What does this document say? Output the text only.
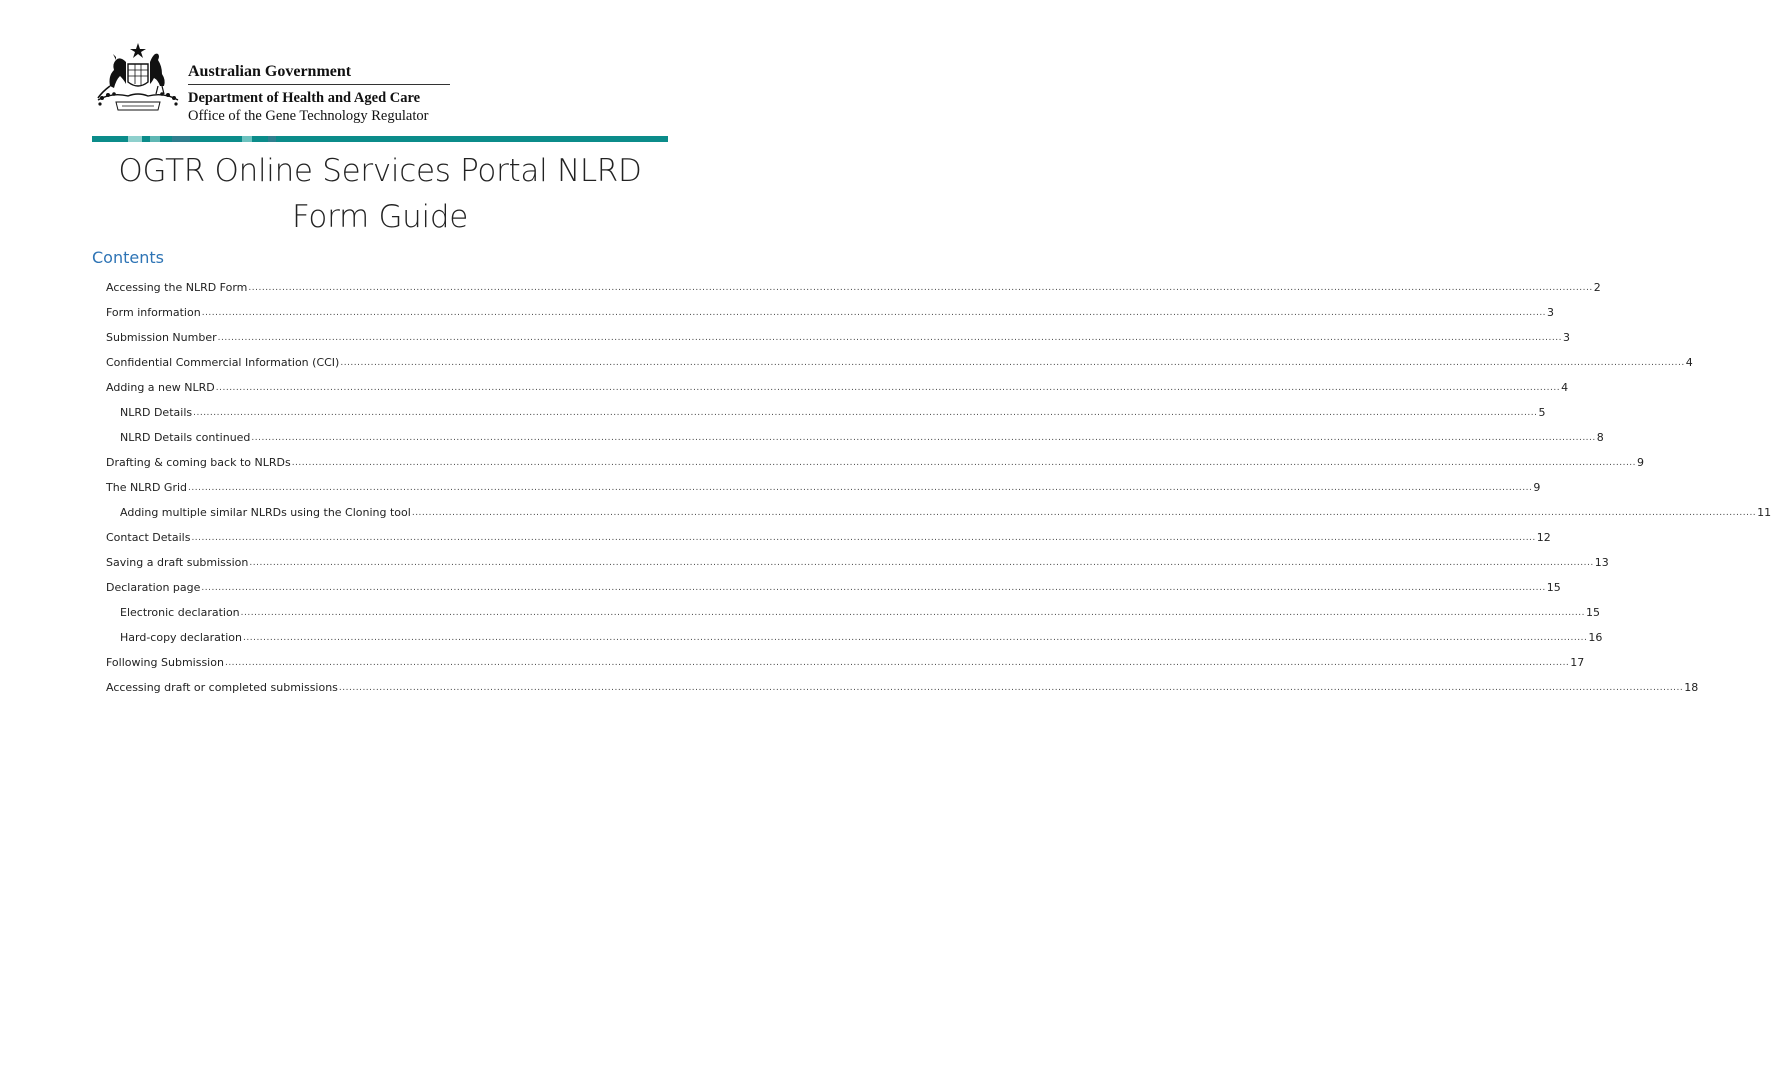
Australian Government
Department of Health and Aged Care
Office of the Gene Technology Regulator
OGTR Online Services Portal NLRD Form Guide
Contents
Accessing the NLRD Form ................................................................................................................................................................................................................................................................................................................................................................................................................ 2
Form information ................................................................................................................................................................................................................................................................................................................................................................................................................ 3
Submission Number ................................................................................................................................................................................................................................................................................................................................................................................................................ 3
Confidential Commercial Information (CCI) ................................................................................................................................................................................................................................................................................................................................................................................................................ 4
Adding a new NLRD ................................................................................................................................................................................................................................................................................................................................................................................................................ 4
NLRD Details ................................................................................................................................................................................................................................................................................................................................................................................................................ 5
NLRD Details continued ................................................................................................................................................................................................................................................................................................................................................................................................................ 8
Drafting & coming back to NLRDs ................................................................................................................................................................................................................................................................................................................................................................................................................ 9
The NLRD Grid ................................................................................................................................................................................................................................................................................................................................................................................................................ 9
Adding multiple similar NLRDs using the Cloning tool ................................................................................................................................................................................................................................................................................................................................................................................................................ 11
Contact Details ................................................................................................................................................................................................................................................................................................................................................................................................................ 12
Saving a draft submission ................................................................................................................................................................................................................................................................................................................................................................................................................ 13
Declaration page ................................................................................................................................................................................................................................................................................................................................................................................................................ 15
Electronic declaration ................................................................................................................................................................................................................................................................................................................................................................................................................ 15
Hard-copy declaration ................................................................................................................................................................................................................................................................................................................................................................................................................ 16
Following Submission ................................................................................................................................................................................................................................................................................................................................................................................................................ 17
Accessing draft or completed submissions ................................................................................................................................................................................................................................................................................................................................................................................................................ 18
